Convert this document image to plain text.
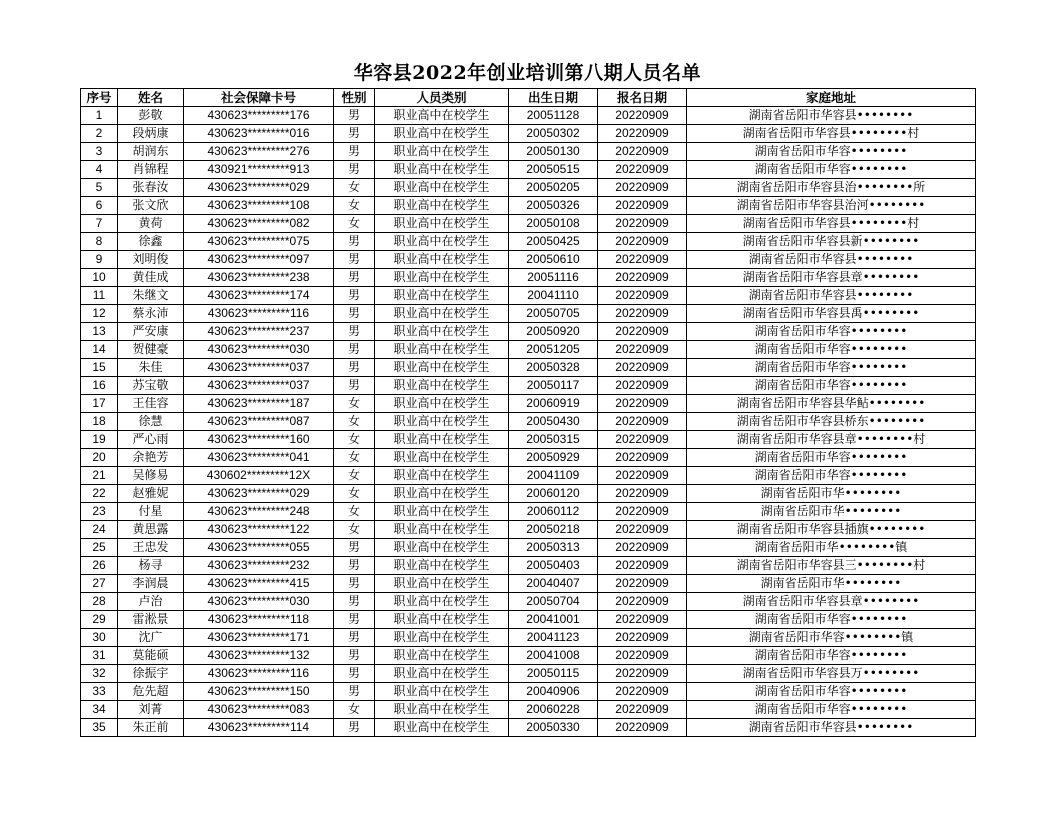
华容县2022年创业培训第八期人员名单
序号	姓名	社会保障卡号	性别	人员类别	出生日期	报名日期	家庭地址
1	彭敬	430623*********176	男	职业高中在校学生	20051128	20220909	湖南省岳阳市华容县••••••••
2	段炳康	430623*********016	男	职业高中在校学生	20050302	20220909	湖南省岳阳市华容县••••••••村
3	胡润东	430623*********276	男	职业高中在校学生	20050130	20220909	湖南省岳阳市华容••••••••
4	肖锦程	430921*********913	男	职业高中在校学生	20050515	20220909	湖南省岳阳市华容••••••••
5	张春汝	430623*********029	女	职业高中在校学生	20050205	20220909	湖南省岳阳市华容县治••••••••所
6	张文欣	430623*********108	女	职业高中在校学生	20050326	20220909	湖南省岳阳市华容县治河••••••••
7	黄荷	430623*********082	女	职业高中在校学生	20050108	20220909	湖南省岳阳市华容县••••••••村
8	徐鑫	430623*********075	男	职业高中在校学生	20050425	20220909	湖南省岳阳市华容县新••••••••
9	刘明俊	430623*********097	男	职业高中在校学生	20050610	20220909	湖南省岳阳市华容县••••••••
10	黄佳成	430623*********238	男	职业高中在校学生	20051116	20220909	湖南省岳阳市华容县章••••••••
11	朱继文	430623*********174	男	职业高中在校学生	20041110	20220909	湖南省岳阳市华容县••••••••
12	蔡永沛	430623*********116	男	职业高中在校学生	20050705	20220909	湖南省岳阳市华容县禹••••••••
13	严安康	430623*********237	男	职业高中在校学生	20050920	20220909	湖南省岳阳市华容••••••••
14	贺健豪	430623*********030	男	职业高中在校学生	20051205	20220909	湖南省岳阳市华容••••••••
15	朱佳	430623*********037	男	职业高中在校学生	20050328	20220909	湖南省岳阳市华容••••••••
16	苏宝敬	430623*********037	男	职业高中在校学生	20050117	20220909	湖南省岳阳市华容••••••••
17	王佳容	430623*********187	女	职业高中在校学生	20060919	20220909	湖南省岳阳市华容县华鲇••••••••
18	徐慧	430623*********087	女	职业高中在校学生	20050430	20220909	湖南省岳阳市华容县桥东••••••••
19	严心雨	430623*********160	女	职业高中在校学生	20050315	20220909	湖南省岳阳市华容县章••••••••村
20	余艳芳	430623*********041	女	职业高中在校学生	20050929	20220909	湖南省岳阳市华容••••••••
21	吴修易	430602*********12X	女	职业高中在校学生	20041109	20220909	湖南省岳阳市华容••••••••
22	赵雅妮	430623*********029	女	职业高中在校学生	20060120	20220909	湖南省岳阳市华••••••••
23	付星	430623*********248	女	职业高中在校学生	20060112	20220909	湖南省岳阳市华••••••••
24	黄思露	430623*********122	女	职业高中在校学生	20050218	20220909	湖南省岳阳市华容县插旗••••••••
25	王忠发	430623*********055	男	职业高中在校学生	20050313	20220909	湖南省岳阳市华••••••••镇
26	杨寻	430623*********232	男	职业高中在校学生	20050403	20220909	湖南省岳阳市华容县三••••••••村
27	李润晨	430623*********415	男	职业高中在校学生	20040407	20220909	湖南省岳阳市华••••••••
28	卢治	430623*********030	男	职业高中在校学生	20050704	20220909	湖南省岳阳市华容县章••••••••
29	雷淞景	430623*********118	男	职业高中在校学生	20041001	20220909	湖南省岳阳市华容••••••••
30	沈广	430623*********171	男	职业高中在校学生	20041123	20220909	湖南省岳阳市华容••••••••镇
31	莫能硕	430623*********132	男	职业高中在校学生	20041008	20220909	湖南省岳阳市华容••••••••
32	徐振宇	430623*********116	男	职业高中在校学生	20050115	20220909	湖南省岳阳市华容县万••••••••
33	危先超	430623*********150	男	职业高中在校学生	20040906	20220909	湖南省岳阳市华容••••••••
34	刘菁	430623*********083	女	职业高中在校学生	20060228	20220909	湖南省岳阳市华容••••••••
35	朱正前	430623*********114	男	职业高中在校学生	20050330	20220909	湖南省岳阳市华容县••••••••
